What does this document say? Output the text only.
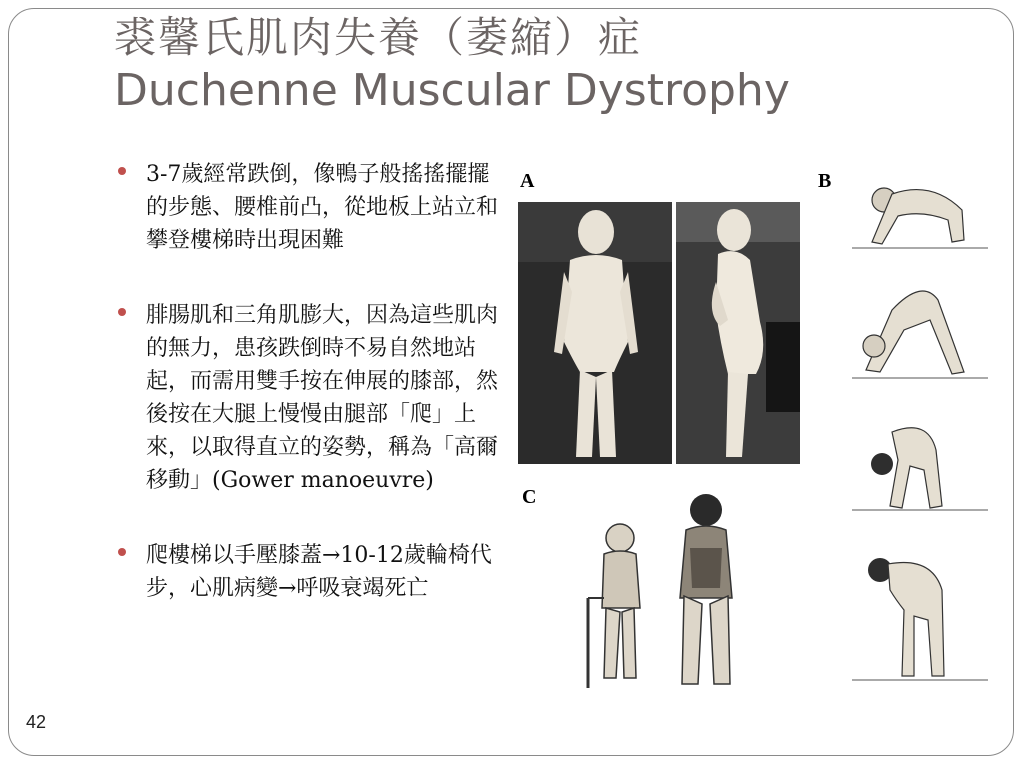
裘馨氏肌肉失養（萎縮）症
Duchenne Muscular Dystrophy
3-7歲經常跌倒，像鴨子般搖搖擺擺的步態、腰椎前凸，從地板上站立和攀登樓梯時出現困難
腓腸肌和三角肌膨大，因為這些肌肉的無力，患孩跌倒時不易自然地站起，而需用雙手按在伸展的膝部，然後按在大腿上慢慢由腿部「爬」上來，以取得直立的姿勢，稱為「高爾移動」(Gower manoeuvre)
爬樓梯以手壓膝蓋→10-12歲輪椅代步，心肌病變→呼吸衰竭死亡
A
C
B
42
